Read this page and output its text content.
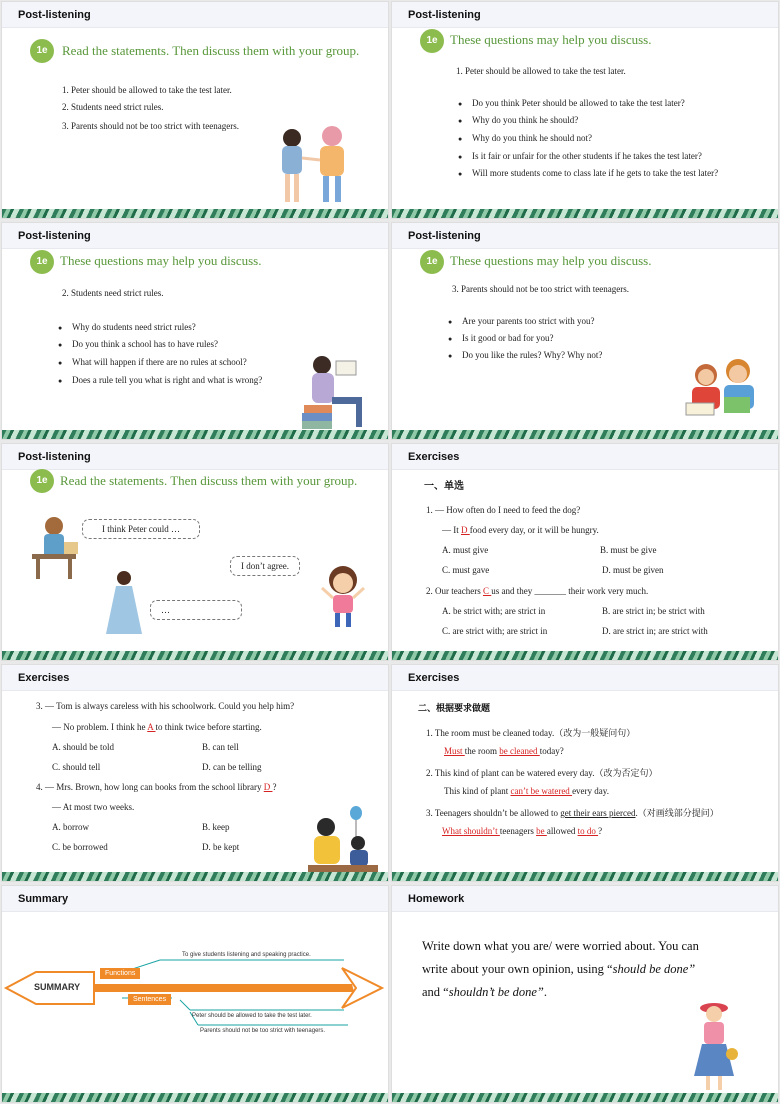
Post-listening
1e	Read the statements. Then discuss them with your group.
1. Peter should be allowed to take the test later.
2. Students need strict rules.
3. Parents should not be too strict with teenagers.
Post-listening
1e These questions may help you discuss.
1. Peter should be allowed to take the test later.
● Do you think Peter should be allowed to take the test later?
● Why do you think he should?
● Why do you think he should not?
● Is it fair or unfair for the other students if he takes the test later?
● Will more students come to class late if he gets to take the test later?
Post-listening
1e These questions may help you discuss.
2. Students need strict rules.
● Why do students need strict rules?
● Do you think a school has to have rules?
● What will happen if there are no rules at school?
● Does a rule tell you what is right and what is wrong?
Post-listening
1e These questions may help you discuss.
3. Parents should not be too strict with teenagers.
● Are your parents too strict with you?
● Is it good or bad for you?
● Do you like the rules? Why? Why not?
Post-listening
1e Read the statements. Then discuss them with your group.
I think Peter could …
I don’t agree.
…
Exercises
一、单选
1. — How often do I need to feed the dog?
— It D food every day, or it will be hungry.
A. must give	B. must be give
C. must gave	D. must be given
2. Our teachers C us and they _______ their work very much.
A. be strict with; are strict in	B. are strict in; be strict with
C. are strict with; are strict in	D. are strict in; are strict with
Exercises
3. — Tom is always careless with his schoolwork. Could you help him?
— No problem. I think he A to think twice before starting.
A. should be told	B. can tell
C. should tell	D. can be telling
4. — Mrs. Brown, how long can books from the school library D ?
— At most two weeks.
A. borrow	B. keep
C. be borrowed	D. be kept
Exercises
二、根据要求做题
1. The room must be cleaned today.（改为一般疑问句）
Must the room be cleaned today?
2. This kind of plant can be watered every day.（改为否定句）
This kind of plant can’t be watered every day.
3. Teenagers shouldn’t be allowed to get their ears pierced.（对画线部分提问）
What shouldn’t teenagers be allowed to do ?
Summary
SUMMARY
Functions
Sentences
To give students listening and speaking practice.
Peter should be allowed to take the test later.
Parents should not be too strict with teenagers.
Homework
Write down what you are/ were worried about. You can
write about your own opinion, using “should be done”
and “shouldn’t be done”.
